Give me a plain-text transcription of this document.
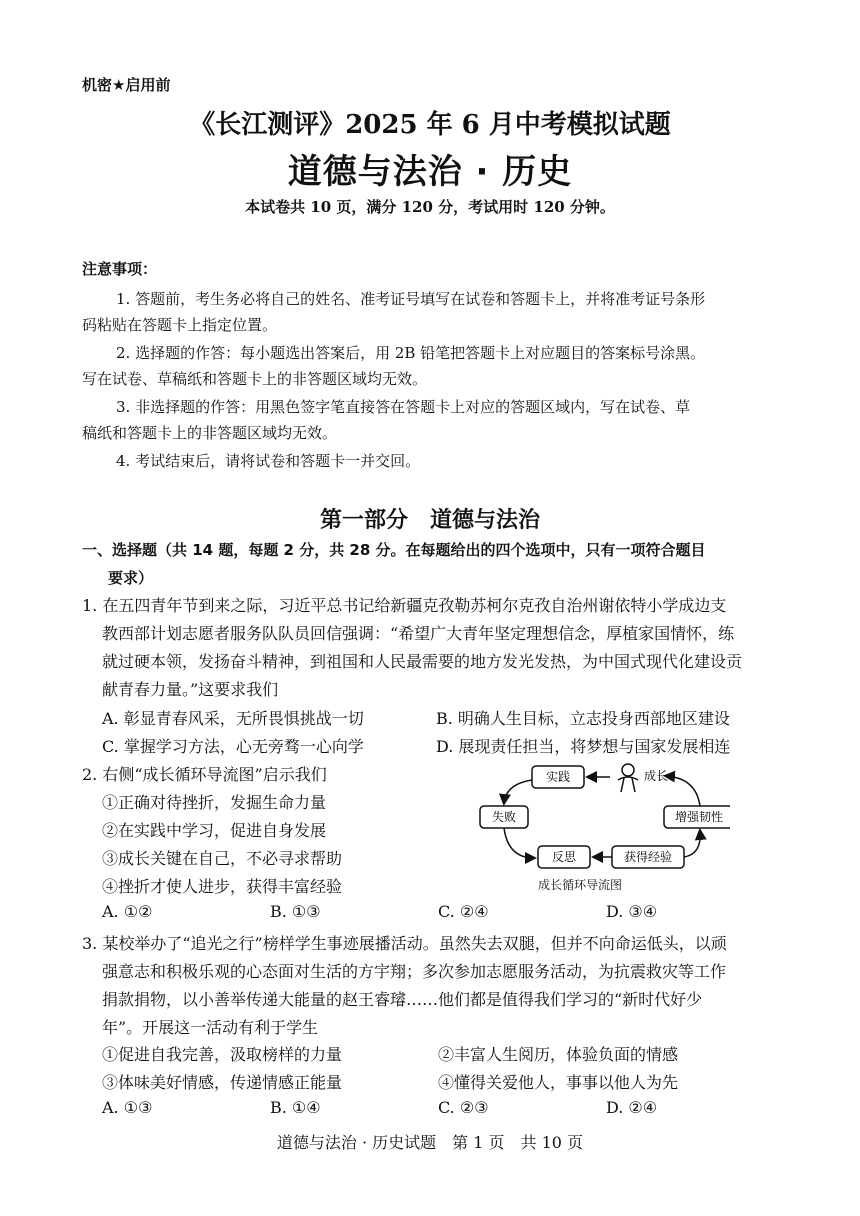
机密★启用前
《长江测评》2025 年 6 月中考模拟试题
道德与法治 · 历史
本试卷共 10 页，满分 120 分，考试用时 120 分钟。
注意事项：
1. 答题前，考生务必将自己的姓名、准考证号填写在试卷和答题卡上，并将准考证号条形
码粘贴在答题卡上指定位置。
2. 选择题的作答：每小题选出答案后，用 2B 铅笔把答题卡上对应题目的答案标号涂黑。
写在试卷、草稿纸和答题卡上的非答题区域均无效。
3. 非选择题的作答：用黑色签字笔直接答在答题卡上对应的答题区域内，写在试卷、草
稿纸和答题卡上的非答题区域均无效。
4. 考试结束后，请将试卷和答题卡一并交回。
第一部分　道德与法治
一、选择题（共 14 题，每题 2 分，共 28 分。在每题给出的四个选项中，只有一项符合题目
要求）
1. 在五四青年节到来之际，习近平总书记给新疆克孜勒苏柯尔克孜自治州谢依特小学成边支
教西部计划志愿者服务队队员回信强调：“希望广大青年坚定理想信念，厚植家国情怀，练
就过硬本领，发扬奋斗精神，到祖国和人民最需要的地方发光发热，为中国式现代化建设贡
献青春力量。”这要求我们
A. 彰显青春风采，无所畏惧挑战一切	B. 明确人生目标，立志投身西部地区建设
C. 掌握学习方法，心无旁骛一心向学	D. 展现责任担当，将梦想与国家发展相连
2. 右侧“成长循环导流图”启示我们
①正确对待挫折，发掘生命力量
②在实践中学习，促进自身发展
③成长关键在自己，不必寻求帮助
④挫折才使人进步，获得丰富经验
实践
失败	增强韧性
反思	获得经验
成长
成长循环导流图
A. ①②	B. ①③	C. ②④	D. ③④
3. 某校举办了“追光之行”榜样学生事迹展播活动。虽然失去双腿，但并不向命运低头，以顽
强意志和积极乐观的心态面对生活的方宇翔；多次参加志愿服务活动，为抗震救灾等工作
捐款捐物，以小善举传递大能量的赵王睿璿……他们都是值得我们学习的“新时代好少
年”。开展这一活动有利于学生
①促进自我完善，汲取榜样的力量	②丰富人生阅历，体验负面的情感
③体味美好情感，传递情感正能量	④懂得关爱他人，事事以他人为先
A. ①③	B. ①④	C. ②③	D. ②④
道德与法治 · 历史试题　第 1 页　共 10 页
